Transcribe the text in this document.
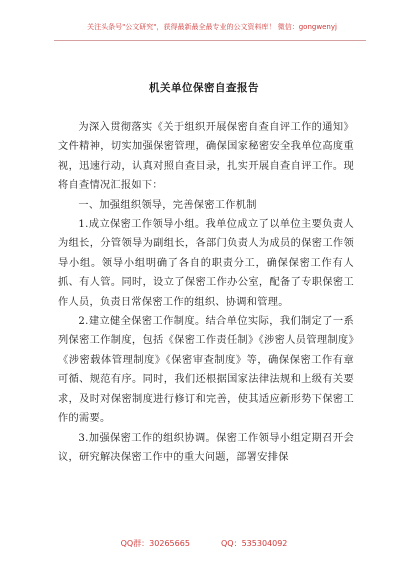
关注头条号"公文研究"，获得最新最全最专业的公文资料库！ 微信：gongwenyj
机关单位保密自查报告

为深入贯彻落实《关于组织开展保密自查自评工作的通知》文件精神，切实加强保密管理，确保国家秘密安全我单位高度重视，迅速行动，认真对照自查目录，扎实开展自查自评工作。现将自查情况汇报如下：

一、加强组织领导，完善保密工作机制

1.成立保密工作领导小组。我单位成立了以单位主要负责人为组长，分管领导为副组长，各部门负责人为成员的保密工作领导小组。领导小组明确了各自的职责分工，确保保密工作有人抓、有人管。同时，设立了保密工作办公室，配备了专职保密工作人员，负责日常保密工作的组织、协调和管理。

2.建立健全保密工作制度。结合单位实际，我们制定了一系列保密工作制度，包括《保密工作责任制》《涉密人员管理制度》《涉密载体管理制度》《保密审查制度》等，确保保密工作有章可循、规范有序。同时，我们还根据国家法律法规和上级有关要求，及时对保密制度进行修订和完善，使其适应新形势下保密工作的需要。

3.加强保密工作的组织协调。保密工作领导小组定期召开会议，研究解决保密工作中的重大问题，部署安排保

QQ群：30265665	QQ：535304092
